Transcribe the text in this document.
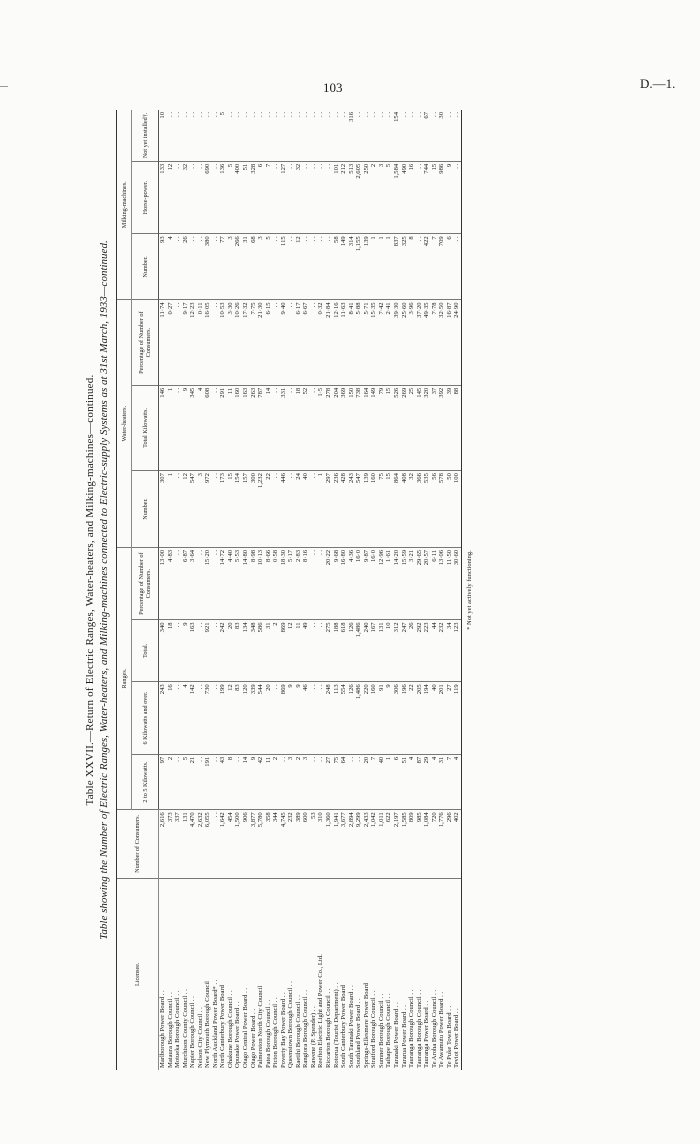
103	D.—1.
Table XXVII.—Return of Electric Ranges, Water-heaters, and Milking-machines—continued. Table showing the Number of Electric Ranges, Water-heaters, and Milking-machines connected to Electric-supply Systems as at 31st March, 1933—continued.
Licensee.	Number of Consumers.	Ranges.				Water-heaters.			Milking-machines.		
		2 to 5 Kilowatts.	6 Kilowatts and over.	Total.	Percentage of Number of Consumers.	Number.	Total Kilowatts.	Percentage of Number of Consumers.	Number.	Horse-power.	Not yet installed†.
Marlborough Power Board . .	2,616	97	243	340	13·00	307	146	11·74	93	133	10
Mataura Borough Council . .	373	2	16	18	4·83	1	1	0·27	4	12	. .
Motueka Borough Council . .	337	. .	. .	. .	. .	. .	. .	. .	. .	. .	. .
Murchison County Council . .	131	5	4	9	6·87	12	9	9·17	26	32	. .
Napier Borough Council . .	4,470	21	142	163	3·64	547	345	12·23	. .	. .	. .
Nelson City Council . .	2,632	. .	. .	. .	. .	3	4	0·11	. .	. .	. .
New Plymouth Borough Council	6,055	191	730	921	15·20	972	608	16·05	380	690	. .
North Auckland Power Board* . .	. .	. .	. .	. .	. .	. .	. .	. .	. .	. .	. .
North Canterbury Power Board	1,642	43	199	242	14·72	173	291	10·53	77	136	5
Ohakune Borough Council . .	454	8	12	20	4·40	15	11	3·30	3	5	. .
Opunake Power Board . .	1,500	. .	83	83	5·53	154	160	10·26	266	400	. .
Otago Central Power Board . .	906	14	120	134	14·80	157	163	17·32	31	51	. .
Otago Power Board . .	3,877	9	339	348	8·98	300	263	7·75	68	328	. .
Palmerston North City Council	5,780	42	544	586	10·13	1,232	787	21·30	3	6	. .
Patea Borough Council . .	358	11	20	31	8·66	22	14	6·15	5	7	. .
Picton Borough Council . .	344	2	. .	2	0·58	. .	. .	. .	. .	. .	. .
Poverty Bay Power Board . .	4,745	. .	869	869	18·30	446	331	9·40	115	127	. .
Queenstown Borough Council . .	232	3	9	12	5·17	. .	. .	. .	. .	. .	. .
Raetihi Borough Council . .	389	2	9	11	2·83	24	18	6·17	12	32	. .
Rangiora Borough Council . .	600	3	46	49	8·16	40	52	6·67	. .	. .	. .
Rawene (P. Spender) . .	53	. .	. .	. .	. .	. .	. .	. .	. .	. .	. .
Reefton Electric Light and Power Co., Ltd.	310	. .	. .	. .	. .	1	1·5	0·32	. .	. .	. .
Riccarton Borough Council . .	1,360	27	248	275	20·22	297	278	21·84	. .	. .	. .
Rotorua (Tourist Department) . .	1,941	75	113	188	9·68	236	204	12·16	58	101	. .
South Canterbury Power Board	3,677	64	554	618	16·80	428	369	11·63	149	212	. .
South Taranaki Power Board . .	2,894	. .	126	126	4·36	243	150	8·41	314	513	316
Southland Power Board . .	9,299	. .	1,486	1,486	16·0	547	738	5·88	1,155	2,605	. .
Springs-Ellesmere Power Board	2,433	20	220	240	9·87	139	164	5·71	139	250	. .
Stratford Borough Council . .	1,042	7	160	167	16·0	160	149	15·35	1	2	. .
Sumner Borough Council . .	1,011	40	91	131	12·96	75	79	7·42	1	3	. .
Taihape Borough Council . .	622	1	9	10	1·61	15	15	2·41	1	5	. .
Taranaki Power Board . .	2,197	6	306	312	14·20	864	526	39·30	837	1,584	154
Tararua Power Board . .	1,585	51	196	247	15·59	408	269	25·60	325	490	. .
Tauranga Borough Council . .	809	4	22	26	3·21	32	25	3·96	8	16	. .
Tauranga Borough Council . .	985	87	205	292	29·65	366	145	37·20	. .	. .	. .
Tauranga Power Board . .	1,084	29	194	223	20·57	535	320	49·35	422	744	67
Te Aroha Borough Council . .	720	4	40	44	6·11	56	37	7·78	7	15	. .
Te Awamutu Power Board . .	1,776	31	201	232	13·06	578	392	32·50	709	986	30
Te Puke Town Board . .	296	7	27	34	11·50	50	39	16·87	6	9	. .
Teviot Power Board . .	402	4	119	123	30·60	100	88	24·90	. .	. .	. .
* Not yet actively functioning.
